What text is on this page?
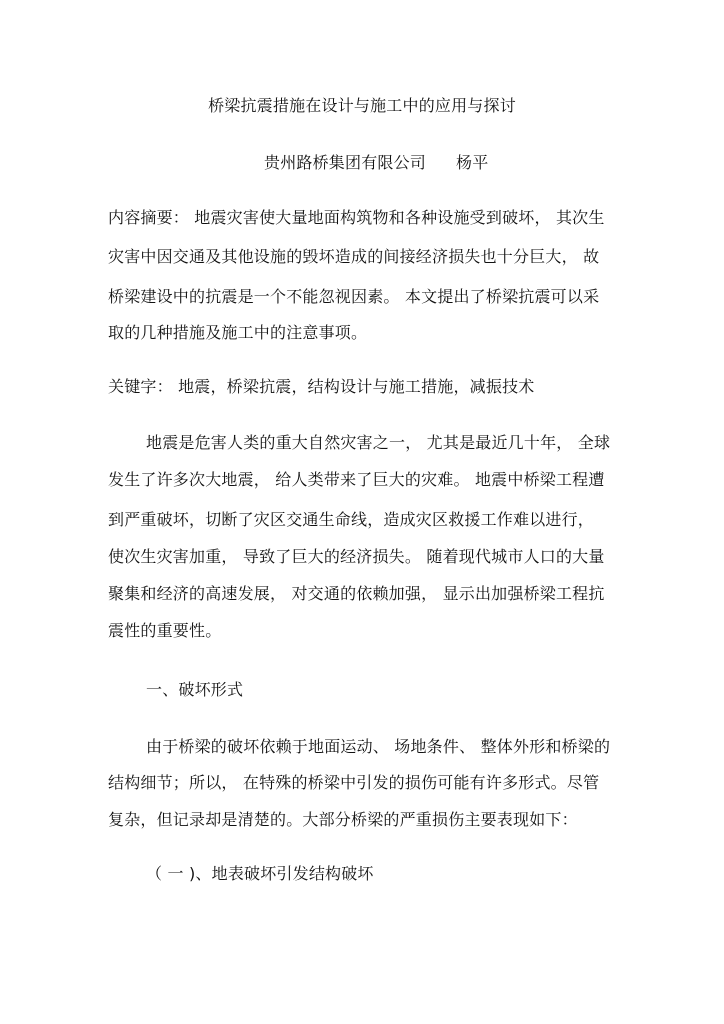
桥梁抗震措施在设计与施工中的应用与探讨
贵州路桥集团有限公司 杨平
内容摘要： 地震灾害使大量地面构筑物和各种设施受到破坏， 其次生
灾害中因交通及其他设施的毁坏造成的间接经济损失也十分巨大， 故
桥梁建设中的抗震是一个不能忽视因素。 本文提出了桥梁抗震可以采
取的几种措施及施工中的注意事项。
关键字： 地震，桥梁抗震，结构设计与施工措施，减振技术
地震是危害人类的重大自然灾害之一， 尤其是最近几十年， 全球
发生了许多次大地震， 给人类带来了巨大的灾难。 地震中桥梁工程遭
到严重破坏，切断了灾区交通生命线，造成灾区救援工作难以进行，
使次生灾害加重， 导致了巨大的经济损失。 随着现代城市人口的大量
聚集和经济的高速发展， 对交通的依赖加强， 显示出加强桥梁工程抗
震性的重要性。
一、破坏形式
由于桥梁的破坏依赖于地面运动、 场地条件、 整体外形和桥梁的
结构细节；所以， 在特殊的桥梁中引发的损伤可能有许多形式。尽管
复杂，但记录却是清楚的。大部分桥梁的严重损伤主要表现如下：
（ 一 )、地表破坏引发结构破坏
